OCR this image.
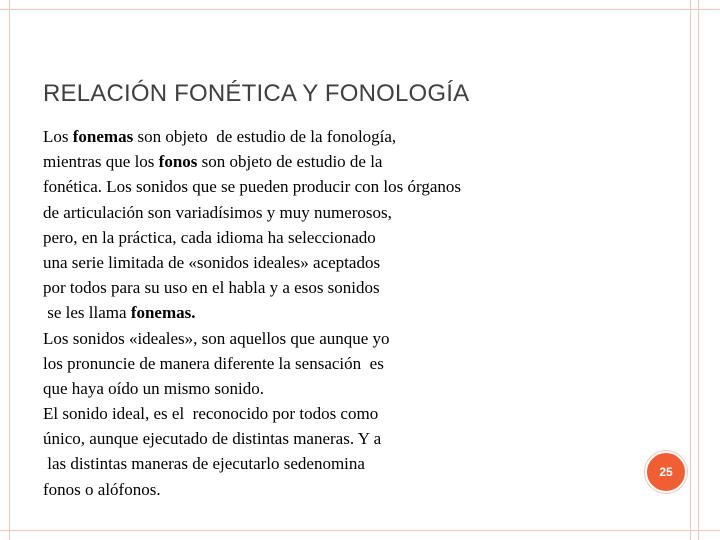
RELACIÓN FONÉTICA Y FONOLOGÍA
Los fonemas son objeto  de estudio de la fonología,
mientras que los fonos son objeto de estudio de la
fonética. Los sonidos que se pueden producir con los órganos
de articulación son variadísimos y muy numerosos,
pero, en la práctica, cada idioma ha seleccionado
una serie limitada de «sonidos ideales» aceptados
por todos para su uso en el habla y a esos sonidos
se les llama fonemas.
Los sonidos «ideales», son aquellos que aunque yo
los pronuncie de manera diferente la sensación  es
que haya oído un mismo sonido.
El sonido ideal, es el  reconocido por todos como
único, aunque ejecutado de distintas maneras. Y a
las distintas maneras de ejecutarlo sedenomina
fonos o alófonos.
25
